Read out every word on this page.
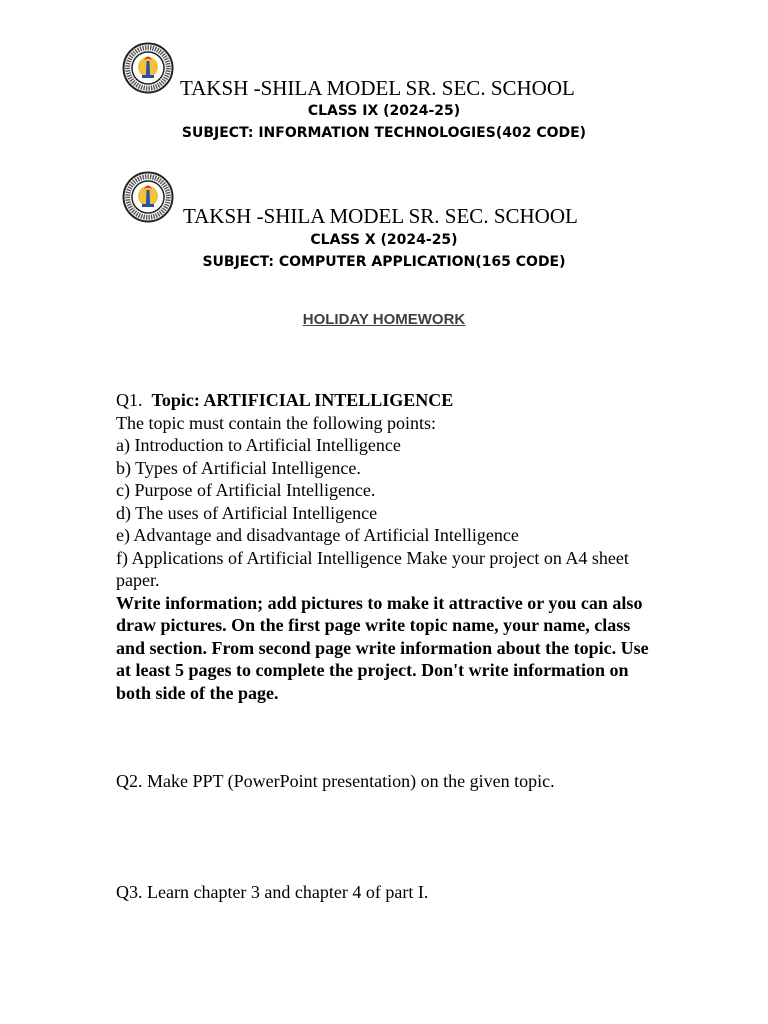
TAKSH -SHILA MODEL SR. SEC. SCHOOL
CLASS IX (2024-25)
SUBJECT: INFORMATION TECHNOLOGIES(402 CODE)
TAKSH -SHILA MODEL SR. SEC. SCHOOL
CLASS X (2024-25)
SUBJECT: COMPUTER APPLICATION(165 CODE)
HOLIDAY HOMEWORK

Q1. Topic: ARTIFICIAL INTELLIGENCE

The topic must contain the following points:

a) Introduction to Artificial Intelligence

b) Types of Artificial Intelligence.

c) Purpose of Artificial Intelligence.

d) The uses of Artificial Intelligence

e) Advantage and disadvantage of Artificial Intelligence

f) Applications of Artificial Intelligence Make your project on A4 sheet paper.

Write information; add pictures to make it attractive or you can also draw pictures. On the first page write topic name, your name, class and section. From second page write information about the topic. Use at least 5 pages to complete the project. Don't write information on both side of the page.

Q2. Make PPT (PowerPoint presentation) on the given topic.
Q3. Learn chapter 3 and chapter 4 of part I.
